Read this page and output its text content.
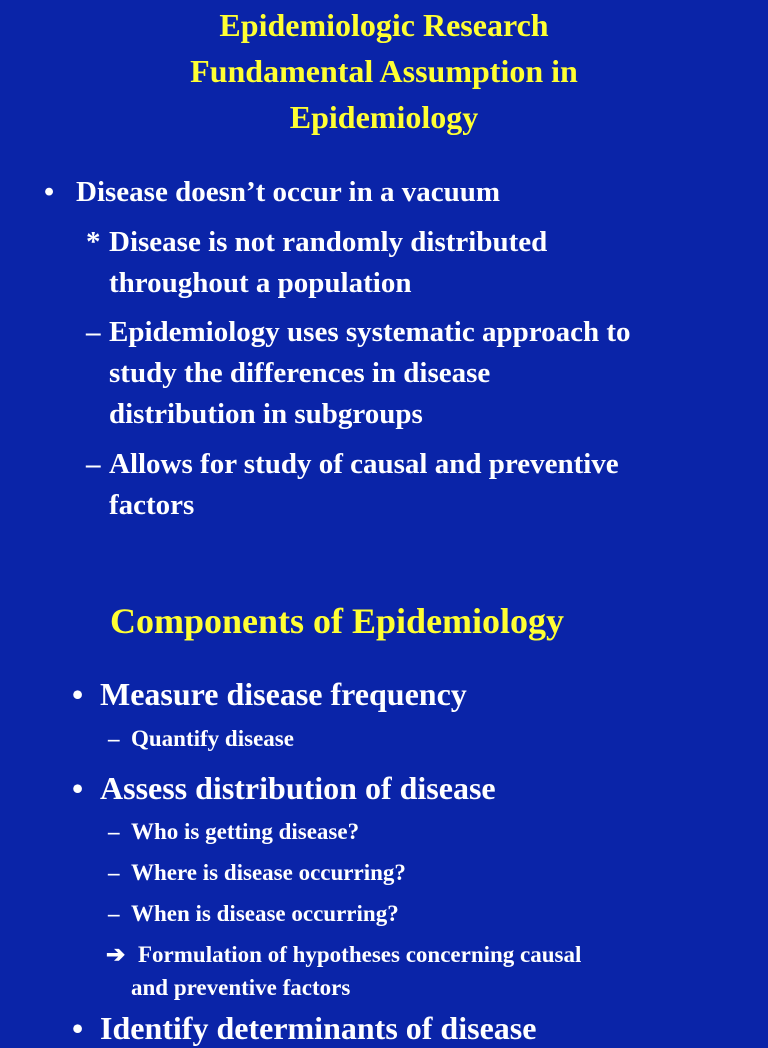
Epidemiologic Research
Fundamental Assumption in
Epidemiology
• Disease doesn’t occur in a vacuum
* Disease is not randomly distributed
throughout a population
– Epidemiology uses systematic approach to
study the differences in disease
distribution in subgroups
– Allows for study of causal and preventive
factors
Components of Epidemiology
• Measure disease frequency
– Quantify disease
• Assess distribution of disease
– Who is getting disease?
– Where is disease occurring?
– When is disease occurring?
➔ Formulation of hypotheses concerning causal
and preventive factors
• Identify determinants of disease
